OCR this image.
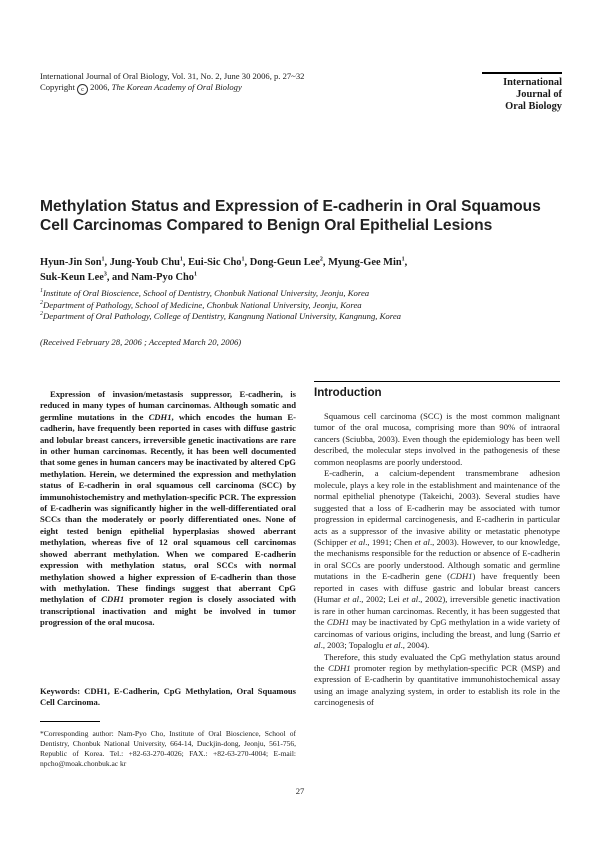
International Journal of Oral Biology, Vol. 31, No. 2, June 30 2006, p. 27~32
Copyright c 2006, The Korean Academy of Oral Biology	International
Journal of
Oral Biology
Methylation Status and Expression of E-cadherin in Oral Squamous Cell Carcinomas Compared to Benign Oral Epithelial Lesions
Hyun-Jin Son$^1$, Jung-Youb Chu$^1$, Eui-Sic Cho$^1$, Dong-Geun Lee$^2$, Myung-Gee Min$^1$,
Suk-Keun Lee$^3$, and Nam-Pyo Cho$^1$
$^1$Institute of Oral Bioscience, School of Dentistry, Chonbuk National University, Jeonju, Korea
$^2$Department of Pathology, School of Medicine, Chonbuk National University, Jeonju, Korea
$^2$Department of Oral Pathology, College of Dentistry, Kangnung National University, Kangnung, Korea
(Received February 28, 2006 ; Accepted March 20, 2006)
Expression of invasion/metastasis suppressor, E-cadherin, is reduced in many types of human carcinomas. Although somatic and germline mutations in the CDH1, which encodes the human E-cadherin, have frequently been reported in cases with diffuse gastric and lobular breast cancers, irreversible genetic inactivations are rare in other human carcinomas. Recently, it has been well documented that some genes in human cancers may be inactivated by altered CpG methylation. Herein, we determined the expression and methylation status of E-cadherin in oral squamous cell carcinoma (SCC) by immunohistochemistry and methylation-specific PCR. The expression of E-cadherin was significantly higher in the well-differentiated oral SCCs than the moderately or poorly differentiated ones. None of eight tested benign epithelial hyperplasias showed aberrant methylation, whereas five of 12 oral squamous cell carcinomas showed aberrant methylation. When we compared E-cadherin expression with methylation status, oral SCCs with normal methylation showed a higher expression of E-cadherin than those with methylation. These findings suggest that aberrant CpG methylation of CDH1 promoter region is closely associated with transcriptional inactivation and might be involved in tumor progression of the oral mucosa.
Keywords: CDH1, E-Cadherin, CpG Methylation, Oral Squamous Cell Carcinoma.
*Corresponding author: Nam-Pyo Cho, Institute of Oral Bioscience, School of Dentistry, Chonbuk National University, 664-14, Duckjin-dong, Jeonju, 561-756, Republic of Korea. Tel.: +82-63-270-4026; FAX.: +82-63-270-4004; E-mail: npcho@moak.chonbuk.ac kr
Introduction

Squamous cell carcinoma (SCC) is the most common malignant tumor of the oral mucosa, comprising more than 90% of intraoral cancers (Sciubba, 2003). Even though the epidemiology has been well described, the molecular steps involved in the pathogenesis of these common neoplasms are poorly understood.

E-cadherin, a calcium-dependent transmembrane adhesion molecule, plays a key role in the establishment and maintenance of the normal epithelial phenotype (Takeichi, 2003). Several studies have suggested that a loss of E-cadherin may be associated with tumor progression in epidermal carcinogenesis, and E-cadherin in particular acts as a suppressor of the invasive ability or metastatic phenotype (Schipper et al., 1991; Chen et al., 2003). However, to our knowledge, the mechanisms responsible for the reduction or absence of E-cadherin in oral SCCs are poorly understood. Although somatic and germline mutations in the E-cadherin gene (CDH1) have frequently been reported in cases with diffuse gastric and lobular breast cancers (Humar et al., 2002; Lei et al., 2002), irreversible genetic inactivation is rare in other human carcinomas. Recently, it has been suggested that the CDH1 may be inactivated by CpG methylation in a wide variety of carcinomas of various origins, including the breast, and lung (Sarrio et al., 2003; Topaloglu et al., 2004).

Therefore, this study evaluated the CpG methylation status around the CDH1 promoter region by methylation-specific PCR (MSP) and expression of E-cadherin by quantitative immunohistochemical assay using an image analyzing system, in order to establish its role in the carcinogenesis of

27
